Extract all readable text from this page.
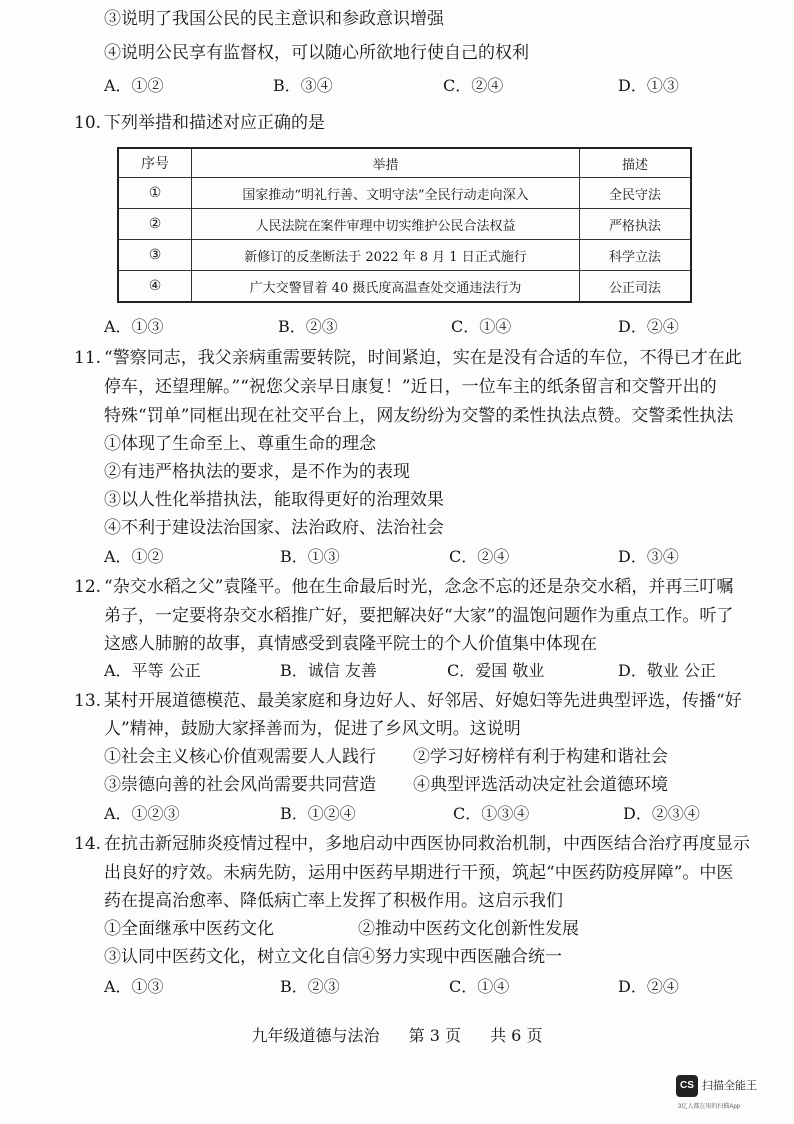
③说明了我国公民的民主意识和参政意识增强
④说明公民享有监督权，可以随心所欲地行使自己的权利
A．①②	B．③④	C．②④	D．①③
10. 下列举措和描述对应正确的是
序号	举措	描述
①	国家推动“明礼行善、文明守法”全民行动走向深入	全民守法
②	人民法院在案件审理中切实维护公民合法权益	严格执法
③	新修订的反垄断法于 2022 年 8 月 1 日正式施行	科学立法
④	广大交警冒着 40 摄氏度高温查处交通违法行为	公正司法
A．①③	B．②③	C．①④	D．②④
11. “警察同志，我父亲病重需要转院，时间紧迫，实在是没有合适的车位，不得已才在此
停车，还望理解。”“祝您父亲早日康复！”近日，一位车主的纸条留言和交警开出的
特殊“罚单”同框出现在社交平台上，网友纷纷为交警的柔性执法点赞。交警柔性执法
①体现了生命至上、尊重生命的理念
②有违严格执法的要求，是不作为的表现
③以人性化举措执法，能取得更好的治理效果
④不利于建设法治国家、法治政府、法治社会
A．①②	B．①③	C．②④	D．③④
12. “杂交水稻之父”袁隆平。他在生命最后时光，念念不忘的还是杂交水稻，并再三叮嘱
弟子，一定要将杂交水稻推广好，要把解决好“大家”的温饱问题作为重点工作。听了
这感人肺腑的故事，真情感受到袁隆平院士的个人价值集中体现在
A．平等 公正	B．诚信 友善	C．爱国 敬业	D．敬业 公正
13. 某村开展道德模范、最美家庭和身边好人、好邻居、好媳妇等先进典型评选，传播“好
人”精神，鼓励大家择善而为，促进了乡风文明。这说明
①社会主义核心价值观需要人人践行 ②学习好榜样有利于构建和谐社会
③崇德向善的社会风尚需要共同营造 ④典型评选活动决定社会道德环境
A．①②③	B．①②④	C．①③④	D．②③④
14. 在抗击新冠肺炎疫情过程中，多地启动中西医协同救治机制，中西医结合治疗再度显示
出良好的疗效。未病先防，运用中医药早期进行干预，筑起“中医药防疫屏障”。中医
药在提高治愈率、降低病亡率上发挥了积极作用。这启示我们
①全面继承中医药文化	②推动中医药文化创新性发展
③认同中医药文化，树立文化自信 ④努力实现中西医融合统一
A．①③	B．②③	C．①④	D．②④
九年级道德与法治 第 3 页 共 6 页
CS 扫描全能王
3亿人都在用的扫描App
